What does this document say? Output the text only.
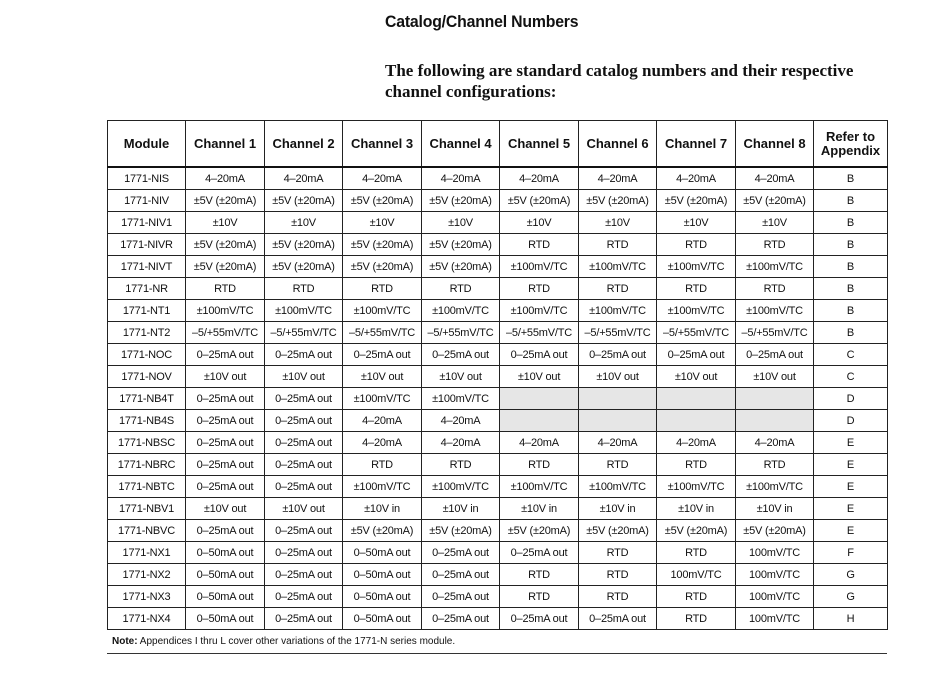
Catalog/Channel Numbers
The following are standard catalog numbers and their respective channel configurations:
Module	Channel 1	Channel 2	Channel 3	Channel 4	Channel 5	Channel 6	Channel 7	Channel 8	Refer to Appendix
1771-NIS	4–20mA	4–20mA	4–20mA	4–20mA	4–20mA	4–20mA	4–20mA	4–20mA	B
1771-NIV	±5V (±20mA)	±5V (±20mA)	±5V (±20mA)	±5V (±20mA)	±5V (±20mA)	±5V (±20mA)	±5V (±20mA)	±5V (±20mA)	B
1771-NIV1	±10V	±10V	±10V	±10V	±10V	±10V	±10V	±10V	B
1771-NIVR	±5V (±20mA)	±5V (±20mA)	±5V (±20mA)	±5V (±20mA)	RTD	RTD	RTD	RTD	B
1771-NIVT	±5V (±20mA)	±5V (±20mA)	±5V (±20mA)	±5V (±20mA)	±100mV/TC	±100mV/TC	±100mV/TC	±100mV/TC	B
1771-NR	RTD	RTD	RTD	RTD	RTD	RTD	RTD	RTD	B
1771-NT1	±100mV/TC	±100mV/TC	±100mV/TC	±100mV/TC	±100mV/TC	±100mV/TC	±100mV/TC	±100mV/TC	B
1771-NT2	–5/+55mV/TC	–5/+55mV/TC	–5/+55mV/TC	–5/+55mV/TC	–5/+55mV/TC	–5/+55mV/TC	–5/+55mV/TC	–5/+55mV/TC	B
1771-NOC	0–25mA out	0–25mA out	0–25mA out	0–25mA out	0–25mA out	0–25mA out	0–25mA out	0–25mA out	C
1771-NOV	±10V out	±10V out	±10V out	±10V out	±10V out	±10V out	±10V out	±10V out	C
1771-NB4T	0–25mA out	0–25mA out	±100mV/TC	±100mV/TC					D
1771-NB4S	0–25mA out	0–25mA out	4–20mA	4–20mA					D
1771-NBSC	0–25mA out	0–25mA out	4–20mA	4–20mA	4–20mA	4–20mA	4–20mA	4–20mA	E
1771-NBRC	0–25mA out	0–25mA out	RTD	RTD	RTD	RTD	RTD	RTD	E
1771-NBTC	0–25mA out	0–25mA out	±100mV/TC	±100mV/TC	±100mV/TC	±100mV/TC	±100mV/TC	±100mV/TC	E
1771-NBV1	±10V out	±10V out	±10V in	±10V in	±10V in	±10V in	±10V in	±10V in	E
1771-NBVC	0–25mA out	0–25mA out	±5V (±20mA)	±5V (±20mA)	±5V (±20mA)	±5V (±20mA)	±5V (±20mA)	±5V (±20mA)	E
1771-NX1	0–50mA out	0–25mA out	0–50mA out	0–25mA out	0–25mA out	RTD	RTD	100mV/TC	F
1771-NX2	0–50mA out	0–25mA out	0–50mA out	0–25mA out	RTD	RTD	100mV/TC	100mV/TC	G
1771-NX3	0–50mA out	0–25mA out	0–50mA out	0–25mA out	RTD	RTD	RTD	100mV/TC	G
1771-NX4	0–50mA out	0–25mA out	0–50mA out	0–25mA out	0–25mA out	0–25mA out	RTD	100mV/TC	H
Note: Appendices I thru L cover other variations of the 1771-N series module.
